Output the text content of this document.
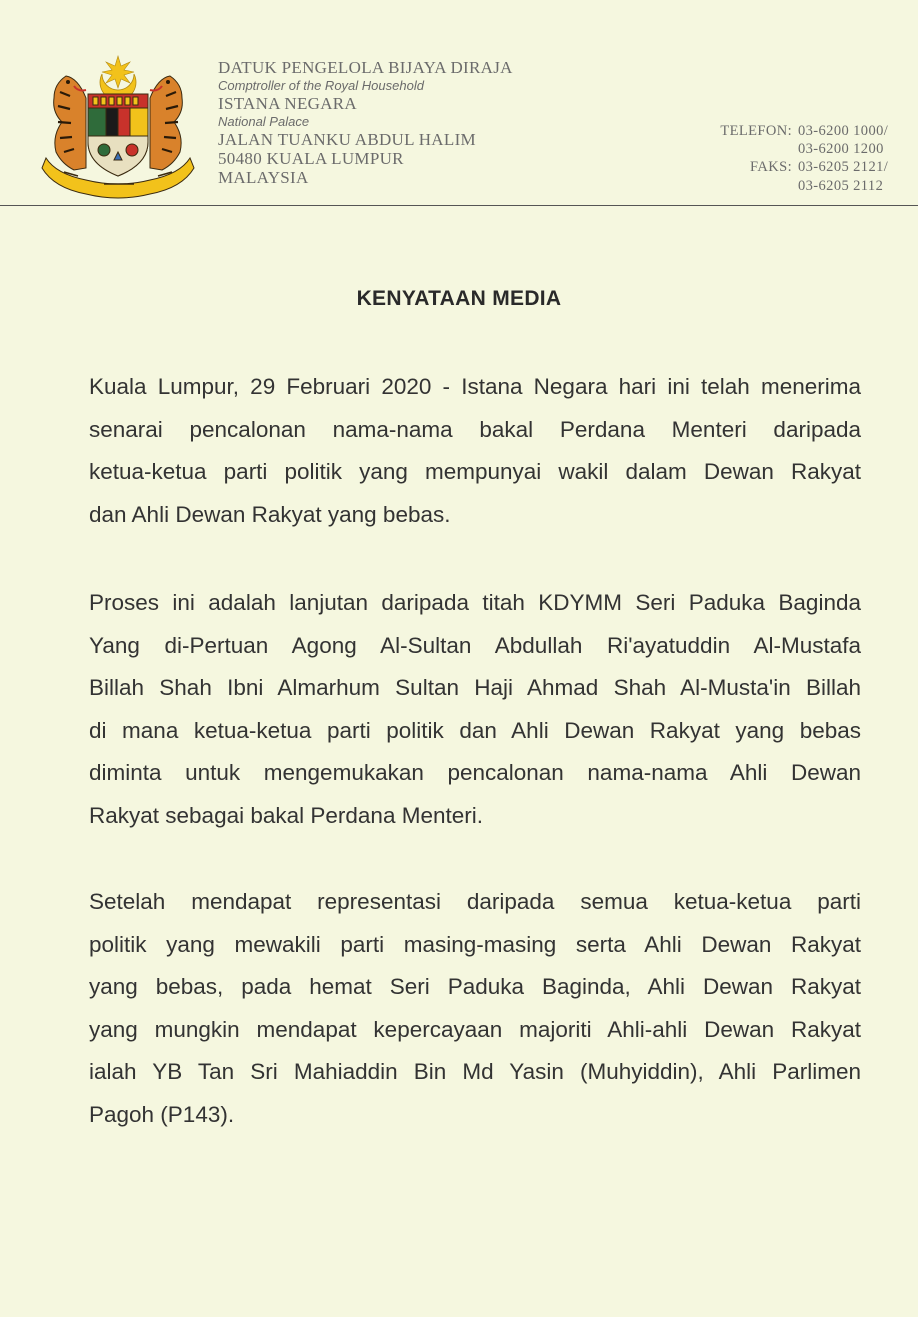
DATUK PENGELOLA BIJAYA DIRAJA
Comptroller of the Royal Household
ISTANA NEGARA
National Palace
JALAN TUANKU ABDUL HALIM
50480 KUALA LUMPUR
MALAYSIA
TELEFON: 03-6200 1000/
03-6200 1200
FAKS: 03-6205 2121/
03-6205 2112
KENYATAAN MEDIA
Kuala Lumpur, 29 Februari 2020 - Istana Negara hari ini telah menerima
senarai pencalonan nama-nama bakal Perdana Menteri daripada
ketua-ketua parti politik yang mempunyai wakil dalam Dewan Rakyat
dan Ahli Dewan Rakyat yang bebas.
Proses ini adalah lanjutan daripada titah KDYMM Seri Paduka Baginda
Yang di-Pertuan Agong Al-Sultan Abdullah Ri'ayatuddin Al-Mustafa
Billah Shah Ibni Almarhum Sultan Haji Ahmad Shah Al-Musta'in Billah
di mana ketua-ketua parti politik dan Ahli Dewan Rakyat yang bebas
diminta untuk mengemukakan pencalonan nama-nama Ahli Dewan
Rakyat sebagai bakal Perdana Menteri.
Setelah mendapat representasi daripada semua ketua-ketua parti
politik yang mewakili parti masing-masing serta Ahli Dewan Rakyat
yang bebas, pada hemat Seri Paduka Baginda, Ahli Dewan Rakyat
yang mungkin mendapat kepercayaan majoriti Ahli-ahli Dewan Rakyat
ialah YB Tan Sri Mahiaddin Bin Md Yasin (Muhyiddin), Ahli Parlimen
Pagoh (P143).
